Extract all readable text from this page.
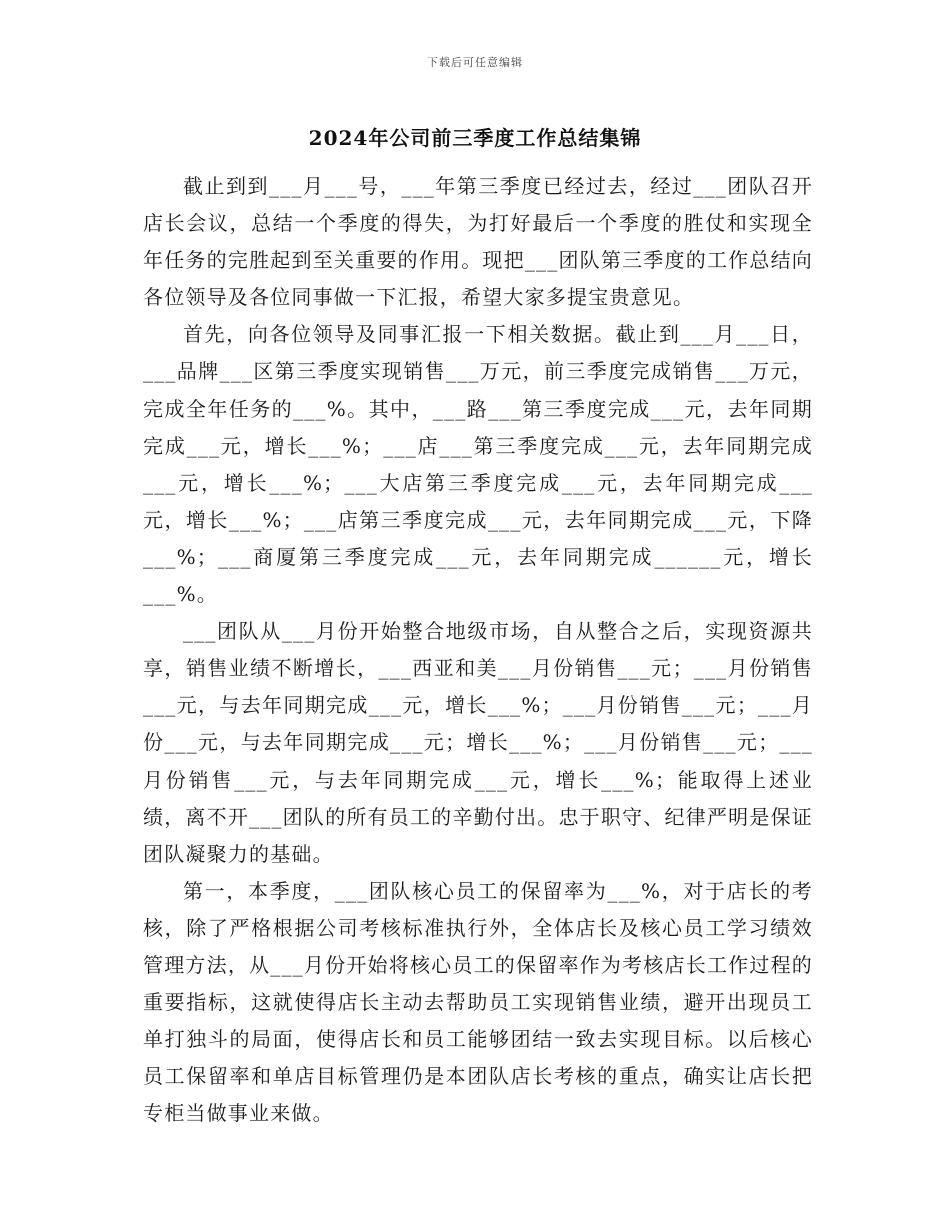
下载后可任意编辑
2024年公司前三季度工作总结集锦

截止到到___月___号，___年第三季度已经过去，经过___团队召开店长会议，总结一个季度的得失，为打好最后一个季度的胜仗和实现全年任务的完胜起到至关重要的作用。现把___团队第三季度的工作总结向各位领导及各位同事做一下汇报，希望大家多提宝贵意见。

首先，向各位领导及同事汇报一下相关数据。截止到___月___日，___品牌___区第三季度实现销售___万元，前三季度完成销售___万元，完成全年任务的___%。其中，___路___第三季度完成___元，去年同期完成___元，增长___%；___店___第三季度完成___元，去年同期完成___元，增长___%；___大店第三季度完成___元，去年同期完成___元，增长___%；___店第三季度完成___元，去年同期完成___元，下降___%；___商厦第三季度完成___元，去年同期完成______元，增长___%。

___团队从___月份开始整合地级市场，自从整合之后，实现资源共享，销售业绩不断增长，___西亚和美___月份销售___元；___月份销售___元，与去年同期完成___元，增长___%；___月份销售___元；___月份___元，与去年同期完成___元；增长___%；___月份销售___元；___月份销售___元，与去年同期完成___元，增长___%；能取得上述业绩，离不开___团队的所有员工的辛勤付出。忠于职守、纪律严明是保证团队凝聚力的基础。

第一，本季度，___团队核心员工的保留率为___%，对于店长的考核，除了严格根据公司考核标准执行外，全体店长及核心员工学习绩效管理方法，从___月份开始将核心员工的保留率作为考核店长工作过程的重要指标，这就使得店长主动去帮助员工实现销售业绩，避开出现员工单打独斗的局面，使得店长和员工能够团结一致去实现目标。以后核心员工保留率和单店目标管理仍是本团队店长考核的重点，确实让店长把专柜当做事业来做。
